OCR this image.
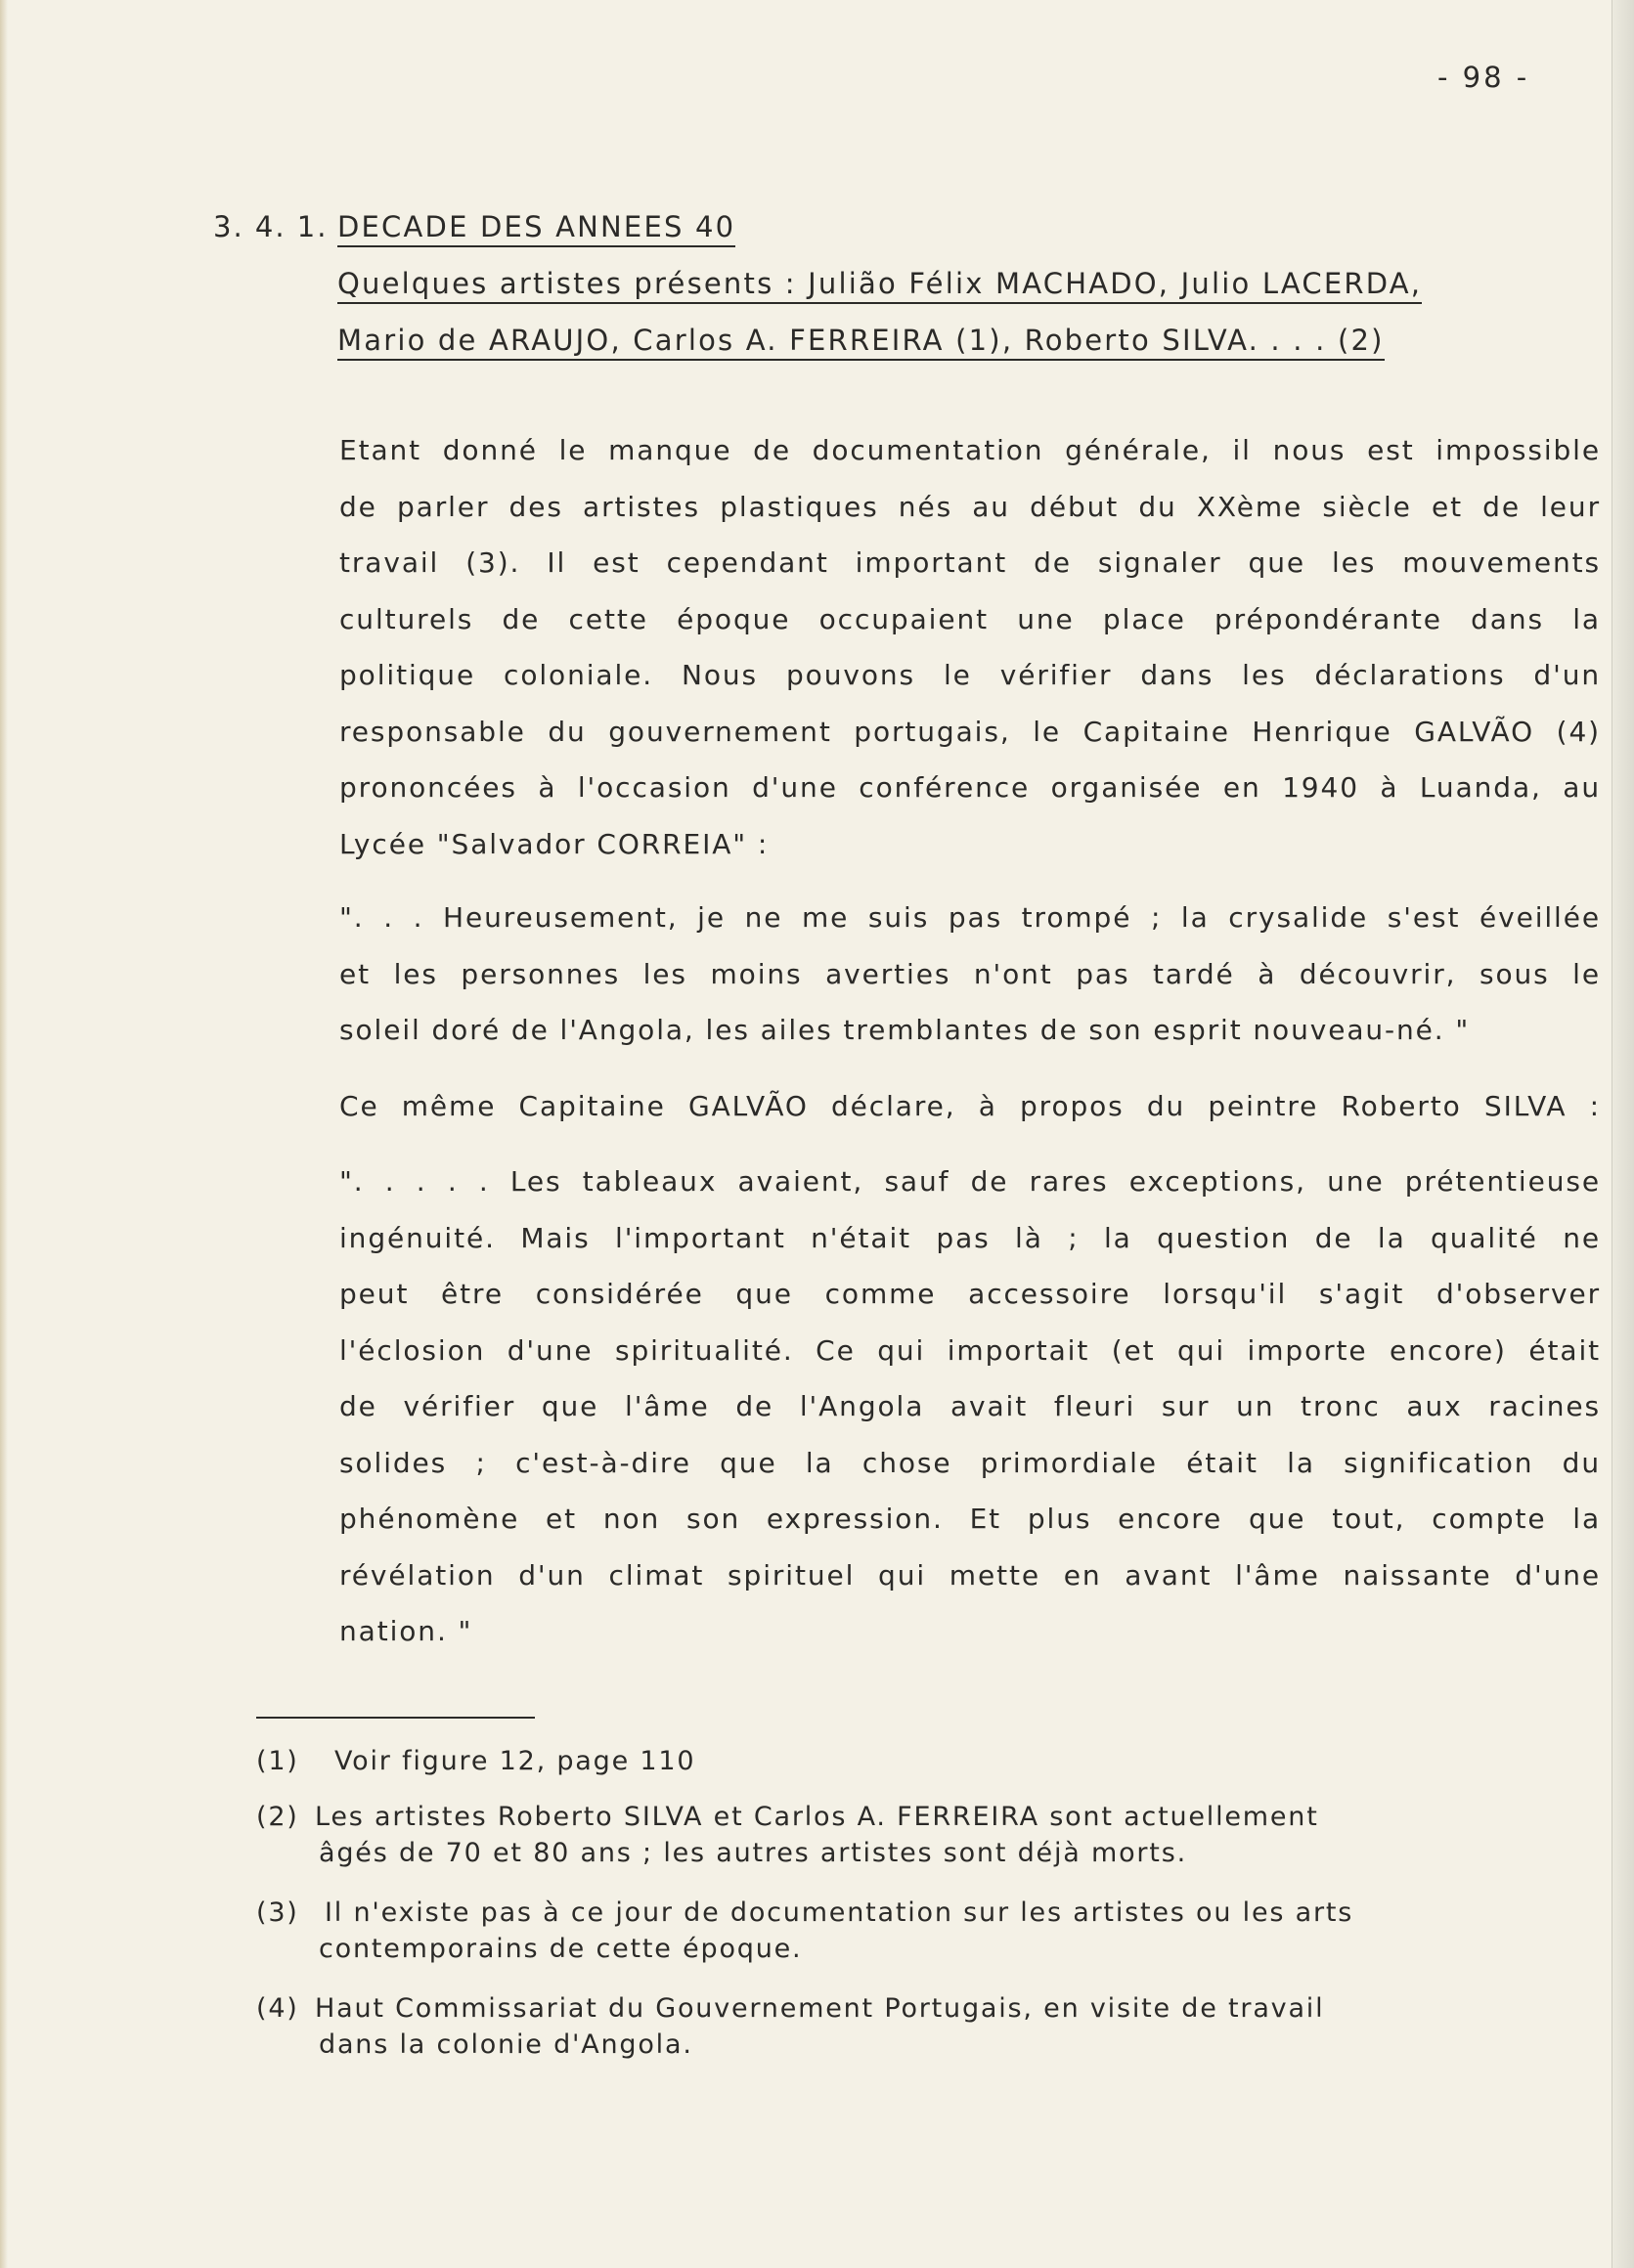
- 98 -
3. 4. 1. DECADE DES ANNEES 40
Quelques artistes présents : Julião Félix MACHADO, Julio LACERDA,
Mario de ARAUJO, Carlos A. FERREIRA (1), Roberto SILVA. . . . (2)
Etant donné le manque de documentation générale, il nous est impossible
de parler des artistes plastiques nés au début du XXème siècle et de leur
travail (3). Il est cependant important de signaler que les mouvements
culturels de cette époque occupaient une place prépondérante dans la
politique coloniale. Nous pouvons le vérifier dans les déclarations d'un
responsable du gouvernement portugais, le Capitaine Henrique GALVÃO (4)
prononcées à l'occasion d'une conférence organisée en 1940 à Luanda, au
Lycée "Salvador CORREIA" :
". . . Heureusement, je ne me suis pas trompé ; la crysalide s'est éveillée
et les personnes les moins averties n'ont pas tardé à découvrir, sous le
soleil doré de l'Angola, les ailes tremblantes de son esprit nouveau-né. "
Ce même Capitaine GALVÃO déclare, à propos du peintre Roberto SILVA :
". . . . . Les tableaux avaient, sauf de rares exceptions, une prétentieuse
ingénuité. Mais l'important n'était pas là ; la question de la qualité ne
peut être considérée que comme accessoire lorsqu'il s'agit d'observer
l'éclosion d'une spiritualité. Ce qui importait (et qui importe encore) était
de vérifier que l'âme de l'Angola avait fleuri sur un tronc aux racines
solides ; c'est-à-dire que la chose primordiale était la signification du
phénomène et non son expression. Et plus encore que tout, compte la
révélation d'un climat spirituel qui mette en avant l'âme naissante d'une
nation. "
(1) Voir figure 12, page 110
(2) Les artistes Roberto SILVA et Carlos A. FERREIRA sont actuellement
âgés de 70 et 80 ans ; les autres artistes sont déjà morts.
(3) Il n'existe pas à ce jour de documentation sur les artistes ou les arts
contemporains de cette époque.
(4) Haut Commissariat du Gouvernement Portugais, en visite de travail
dans la colonie d'Angola.
